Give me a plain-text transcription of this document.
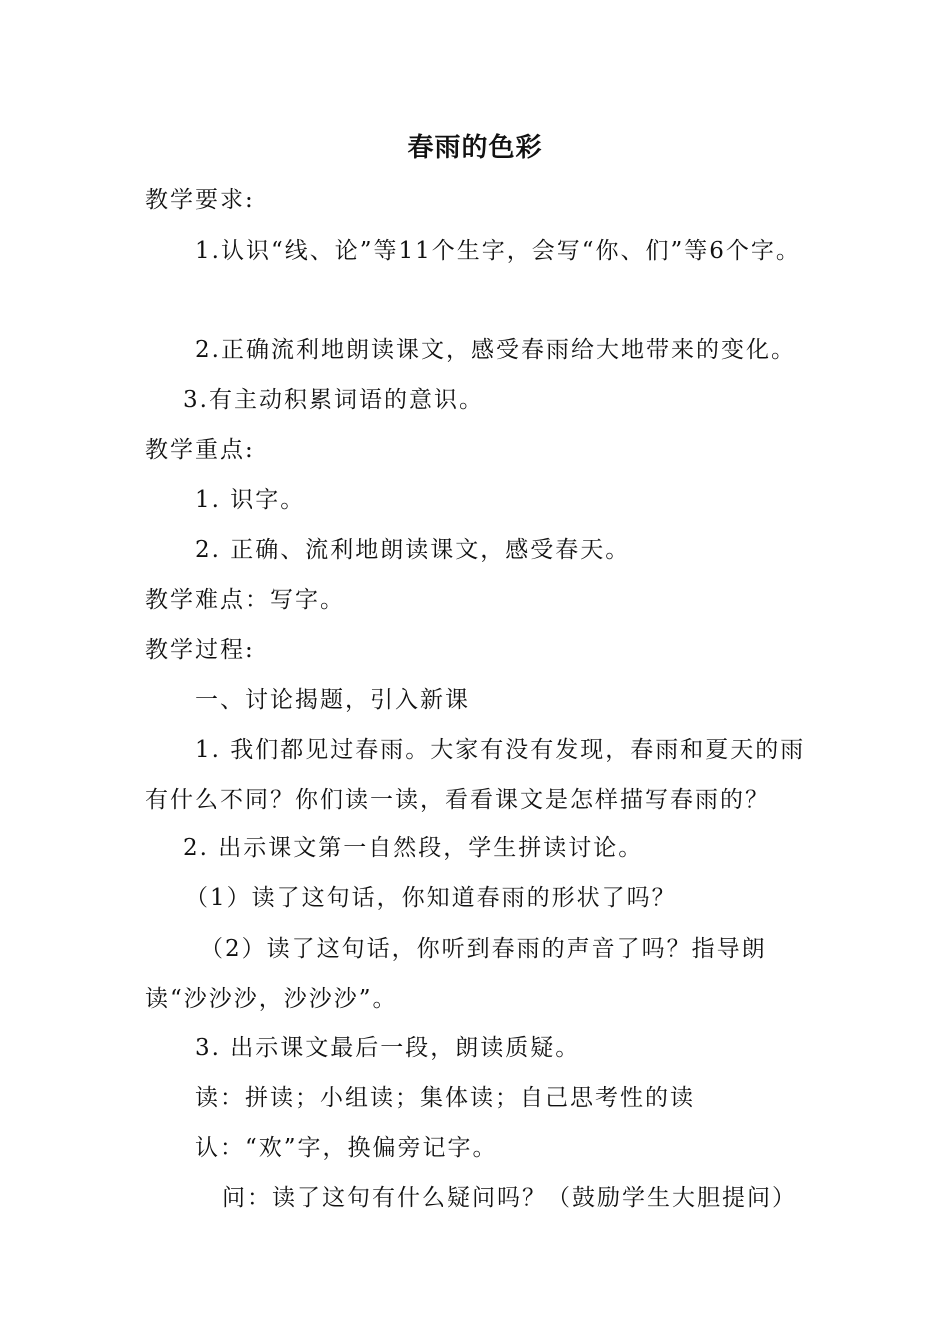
春雨的色彩
教学要求:
1.认识“线、论”等11个生字，会写“你、们”等6个字。
2.正确流利地朗读课文，感受春雨给大地带来的变化。
3.有主动积累词语的意识。
教学重点:
1. 识字。
2. 正确、流利地朗读课文，感受春天。
教学难点：写字。
教学过程:
一、讨论揭题，引入新课
1. 我们都见过春雨。大家有没有发现，春雨和夏天的雨有什么不同？你们读一读，看看课文是怎样描写春雨的？
2. 出示课文第一自然段，学生拼读讨论。
（1）读了这句话，你知道春雨的形状了吗？
（2）读了这句话，你听到春雨的声音了吗？指导朗读“沙沙沙，沙沙沙”。
3. 出示课文最后一段，朗读质疑。
读：拼读；小组读；集体读；自己思考性的读
认：“欢”字，换偏旁记字。
问：读了这句有什么疑问吗？（鼓励学生大胆提问）
